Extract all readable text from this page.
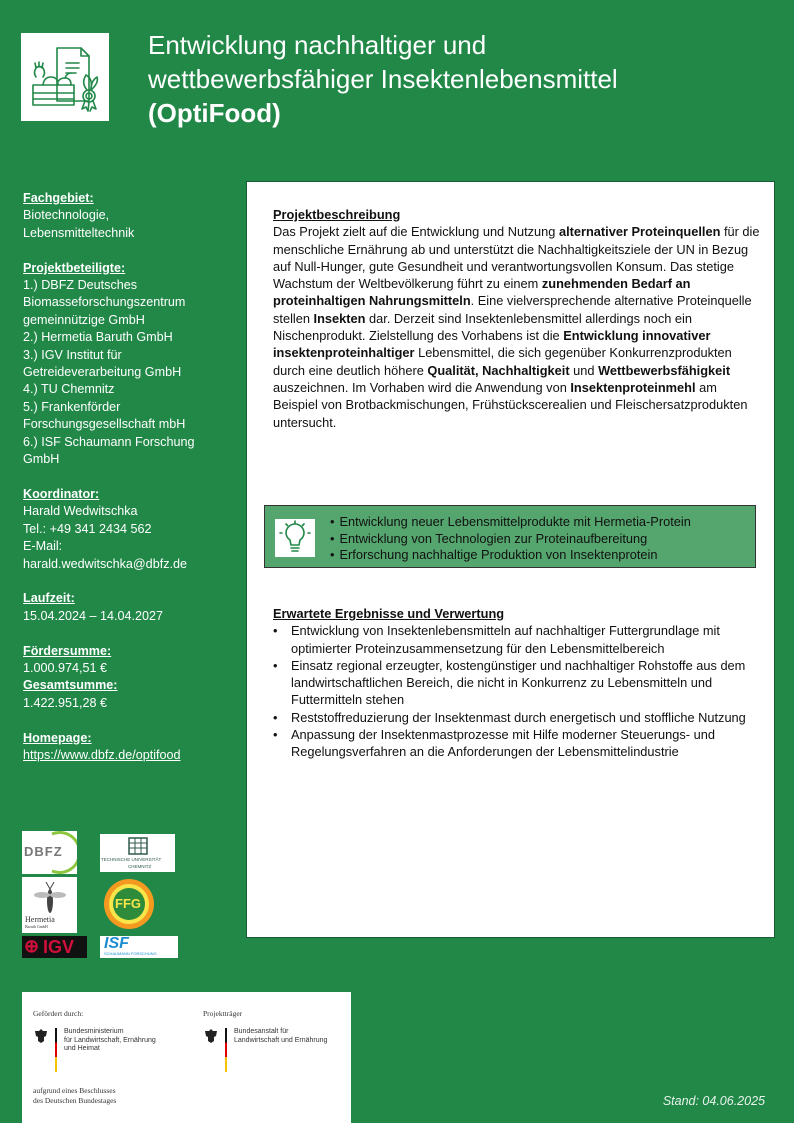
Entwicklung nachhaltiger und
wettbewerbsfähiger Insektenlebensmittel
(OptiFood)
Fachgebiet:
Biotechnologie,
Lebensmitteltechnik
Projektbeteiligte:
1.) DBFZ Deutsches
Biomasseforschungszentrum
gemeinnützige GmbH
2.) Hermetia Baruth GmbH
3.) IGV Institut für
Getreideverarbeitung GmbH
4.) TU Chemnitz
5.) Frankenförder
Forschungsgesellschaft mbH
6.) ISF Schaumann Forschung
GmbH
Koordinator:
Harald Wedwitschka
Tel.: +49 341 2434 562
E-Mail:
harald.wedwitschka@dbfz.de
Laufzeit:
15.04.2024 – 14.04.2027
Fördersumme:
1.000.974,51 €
Gesamtsumme:
1.422.951,28 €
Homepage:
https://www.dbfz.de/optifood
DBFZ
TECHNISCHE UNIVERSITÄT
CHEMNITZ
Hermetia
Baruth GmbH
FFG
⊕ IGV ISF
SCHAUMANN FORSCHUNG
Projektbeschreibung

Das Projekt zielt auf die Entwicklung und Nutzung alternativer Proteinquellen für die menschliche Ernährung ab und unterstützt die Nachhaltigkeitsziele der UN in Bezug auf Null-Hunger, gute Gesundheit und verantwortungsvollen Konsum. Das stetige Wachstum der Weltbevölkerung führt zu einem zunehmenden Bedarf an proteinhaltigen Nahrungsmitteln. Eine vielversprechende alternative Proteinquelle stellen Insekten dar. Derzeit sind Insektenlebensmittel allerdings noch ein Nischenprodukt. Zielstellung des Vorhabens ist die Entwicklung innovativer insektenproteinhaltiger Lebensmittel, die sich gegenüber Konkurrenzprodukten durch eine deutlich höhere Qualität, Nachhaltigkeit und Wettbewerbsfähigkeit auszeichnen. Im Vorhaben wird die Anwendung von Insektenproteinmehl am Beispiel von Brotbackmischungen, Frühstückscerealien und Fleischersatzprodukten untersucht.

• Entwicklung neuer Lebensmittelprodukte mit Hermetia-Protein
• Entwicklung von Technologien zur Proteinaufbereitung
• Erforschung nachhaltige Produktion von Insektenprotein
Erwartete Ergebnisse und Verwertung
• Entwicklung von Insektenlebensmitteln auf nachhaltiger Futtergrundlage mit optimierter Proteinzusammensetzung für den Lebensmittelbereich
• Einsatz regional erzeugter, kostengünstiger und nachhaltiger Rohstoffe aus dem landwirtschaftlichen Bereich, die nicht in Konkurrenz zu Lebensmitteln und Futtermitteln stehen
• Reststoffreduzierung der Insektenmast durch energetisch und stoffliche Nutzung
• Anpassung der Insektenmastprozesse mit Hilfe moderner Steuerungs- und Regelungsverfahren an die Anforderungen der Lebensmittelindustrie
Gefördert durch:
Bundesministerium
für Landwirtschaft, Ernährung
und Heimat
Projektträger
Bundesanstalt für
Landwirtschaft und Ernährung
aufgrund eines Beschlusses
des Deutschen Bundestages	Stand: 04.06.2025
